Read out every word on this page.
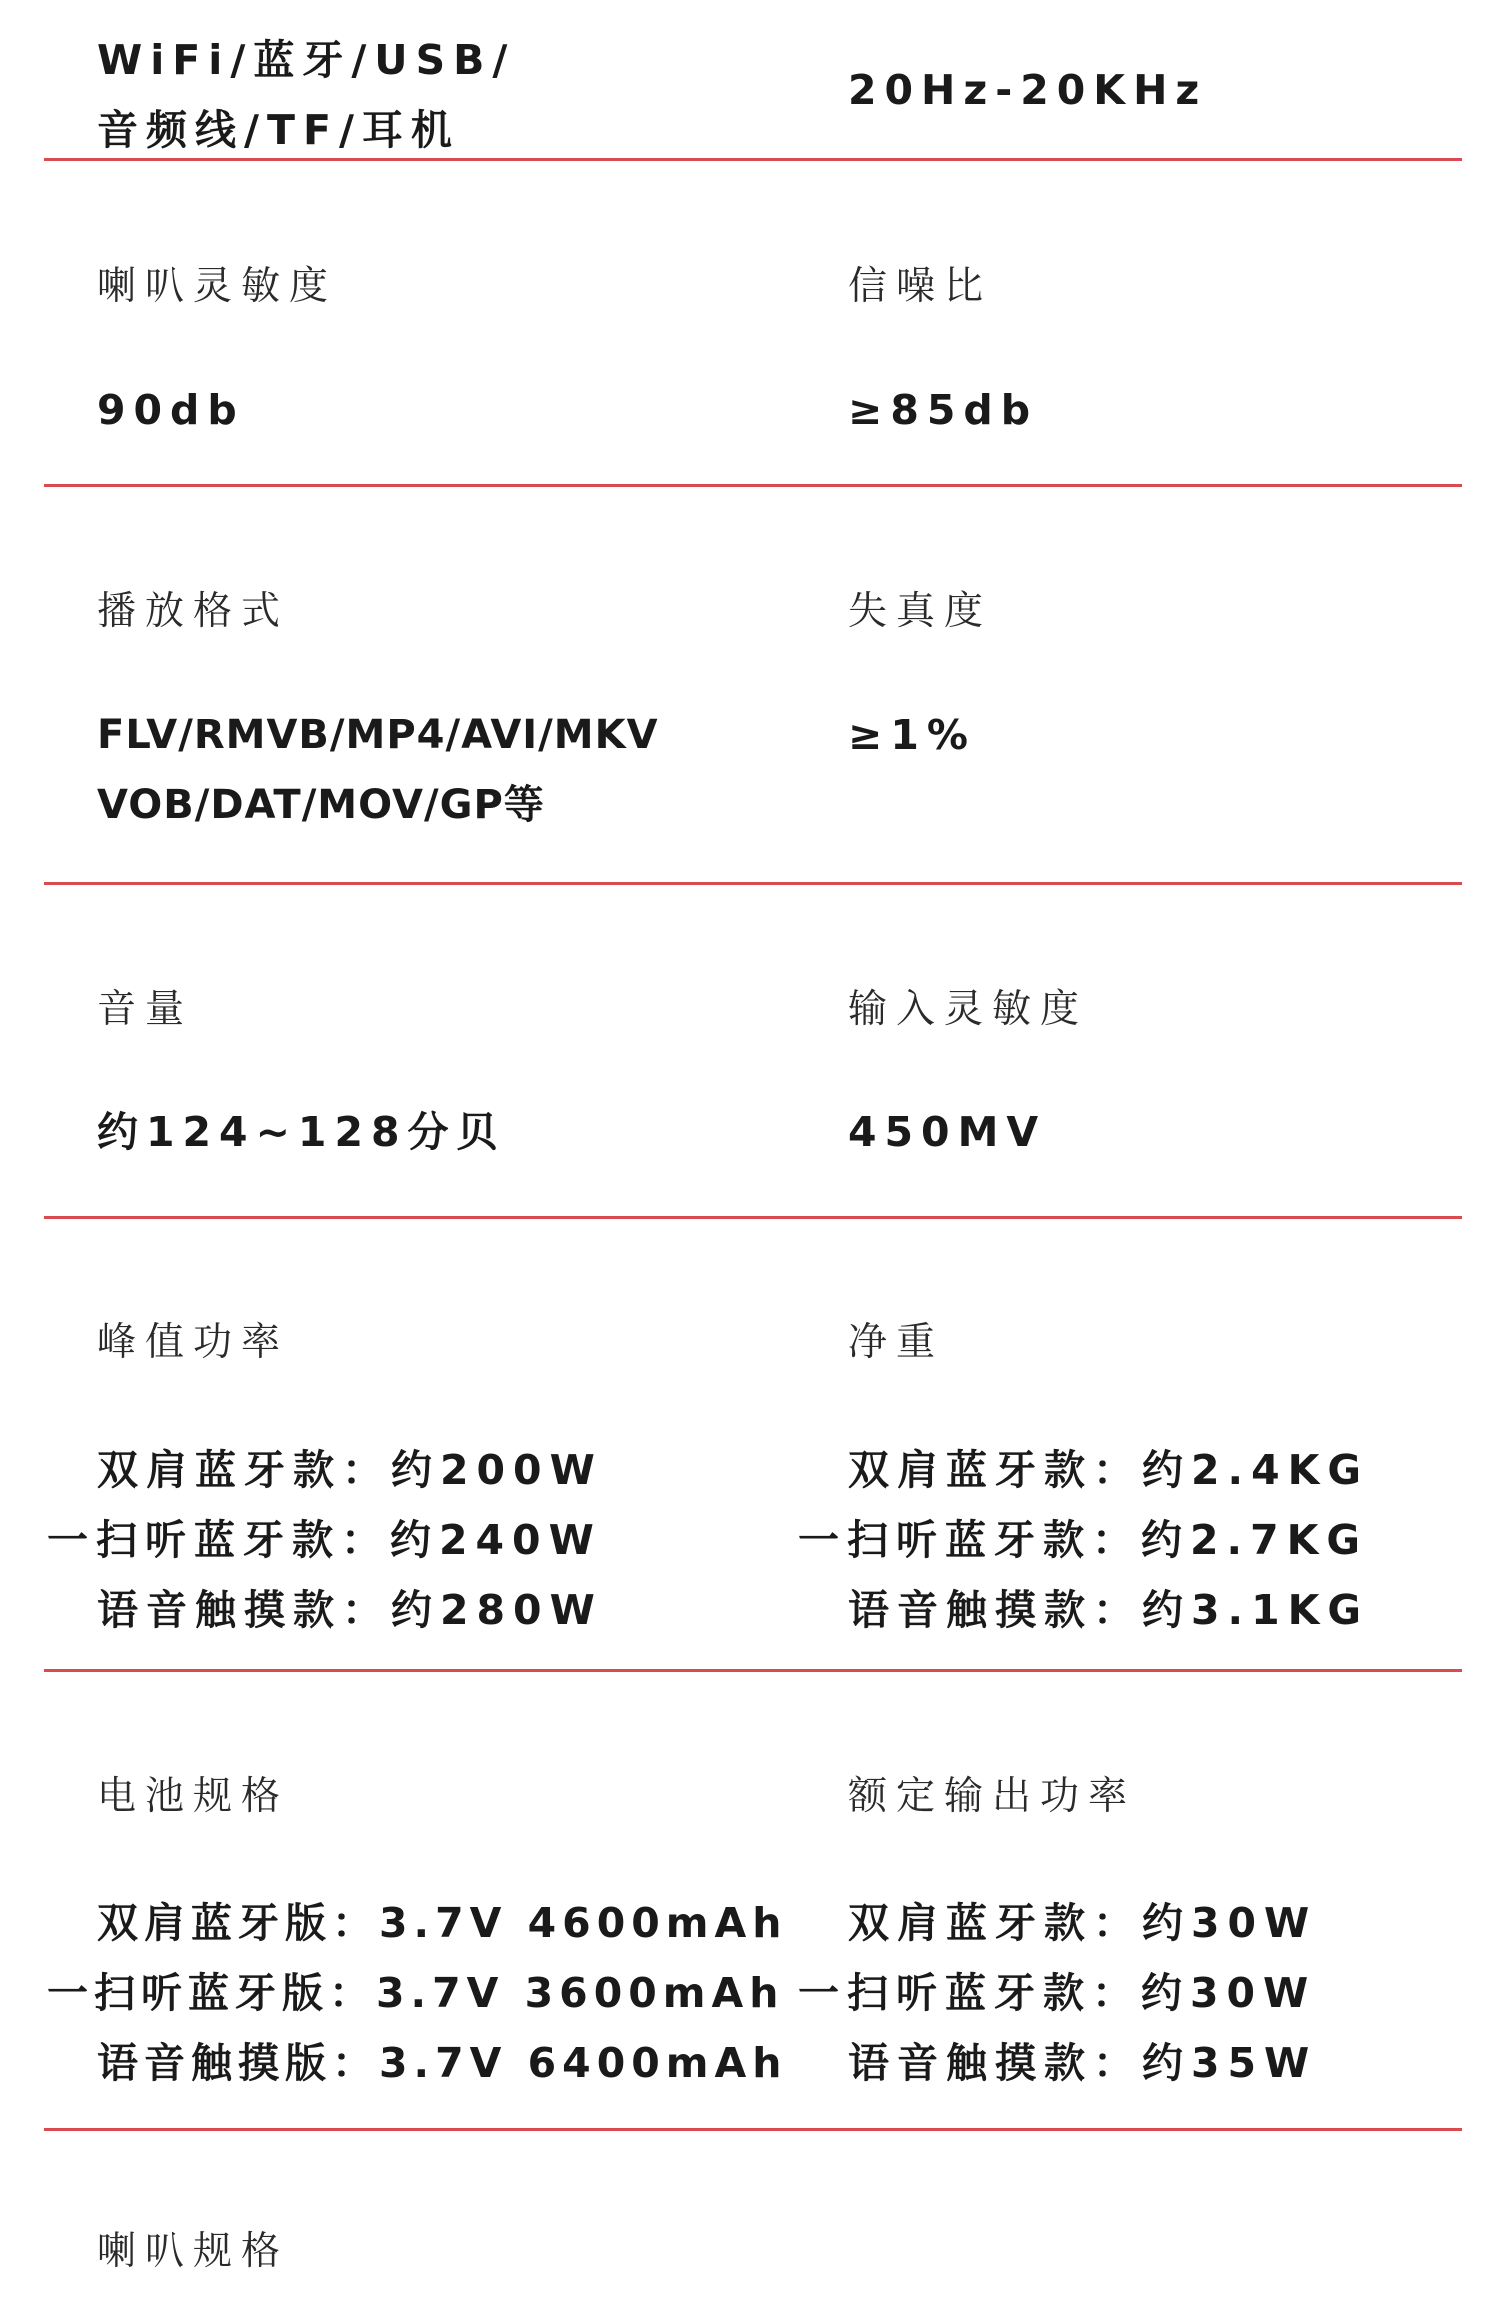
WiFi/蓝牙/USB/
音频线/TF/耳机
20Hz-20KHz
喇叭灵敏度
90db
信噪比
≥85db
播放格式
FLV/RMVB/MP4/AVI/MKV
VOB/DAT/MOV/GP等
失真度
≥1%
音量
约124~128分贝
输入灵敏度
450MV
峰值功率
双肩蓝牙款：约200W
一扫听蓝牙款：约240W
语音触摸款：约280W
净重
双肩蓝牙款：约2.4KG
一扫听蓝牙款：约2.7KG
语音触摸款：约3.1KG
电池规格
双肩蓝牙版：3.7V 4600mAh
一扫听蓝牙版：3.7V 3600mAh
语音触摸版：3.7V 6400mAh
额定输出功率
双肩蓝牙款：约30W
一扫听蓝牙款：约30W
语音触摸款：约35W
喇叭规格
